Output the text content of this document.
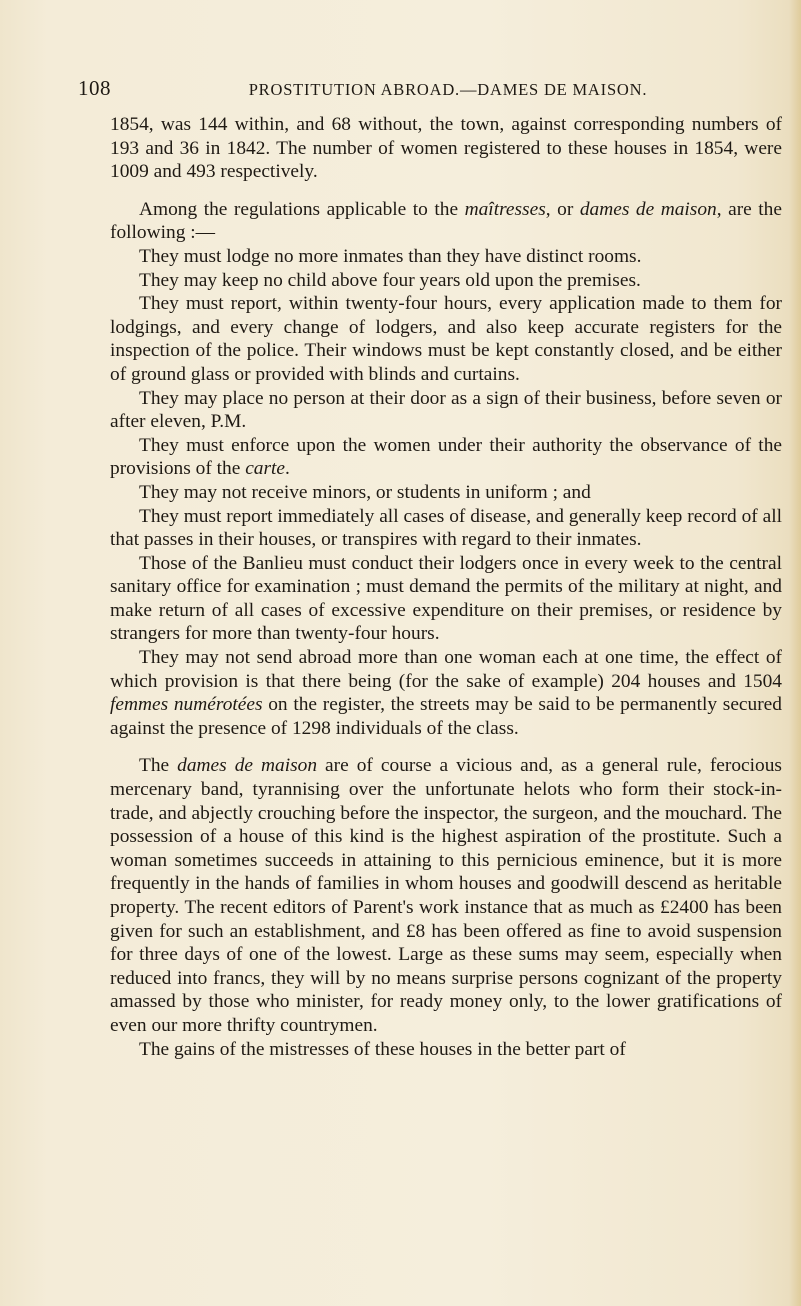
108	PROSTITUTION ABROAD.—DAMES DE MAISON.

1854, was 144 within, and 68 without, the town, against corresponding numbers of 193 and 36 in 1842. The number of women registered to these houses in 1854, were 1009 and 493 respectively.

Among the regulations applicable to the maîtresses, or dames de maison, are the following :—

They must lodge no more inmates than they have distinct rooms.

They may keep no child above four years old upon the premises.

They must report, within twenty-four hours, every application made to them for lodgings, and every change of lodgers, and also keep accurate registers for the inspection of the police. Their windows must be kept constantly closed, and be either of ground glass or provided with blinds and curtains.

They may place no person at their door as a sign of their business, before seven or after eleven, P.M.

They must enforce upon the women under their authority the observance of the provisions of the carte.

They may not receive minors, or students in uniform ; and

They must report immediately all cases of disease, and generally keep record of all that passes in their houses, or transpires with regard to their inmates.

Those of the Banlieu must conduct their lodgers once in every week to the central sanitary office for examination ; must demand the permits of the military at night, and make return of all cases of excessive expenditure on their premises, or residence by strangers for more than twenty-four hours.

They may not send abroad more than one woman each at one time, the effect of which provision is that there being (for the sake of example) 204 houses and 1504 femmes numérotées on the register, the streets may be said to be permanently secured against the presence of 1298 individuals of the class.

The dames de maison are of course a vicious and, as a general rule, ferocious mercenary band, tyrannising over the unfortunate helots who form their stock-in-trade, and abjectly crouching before the inspector, the surgeon, and the mouchard. The possession of a house of this kind is the highest aspiration of the prostitute. Such a woman sometimes succeeds in attaining to this pernicious eminence, but it is more frequently in the hands of families in whom houses and goodwill descend as heritable property. The recent editors of Parent's work instance that as much as £2400 has been given for such an establishment, and £8 has been offered as fine to avoid suspension for three days of one of the lowest. Large as these sums may seem, especially when reduced into francs, they will by no means surprise persons cognizant of the property amassed by those who minister, for ready money only, to the lower gratifications of even our more thrifty countrymen.

The gains of the mistresses of these houses in the better part of
